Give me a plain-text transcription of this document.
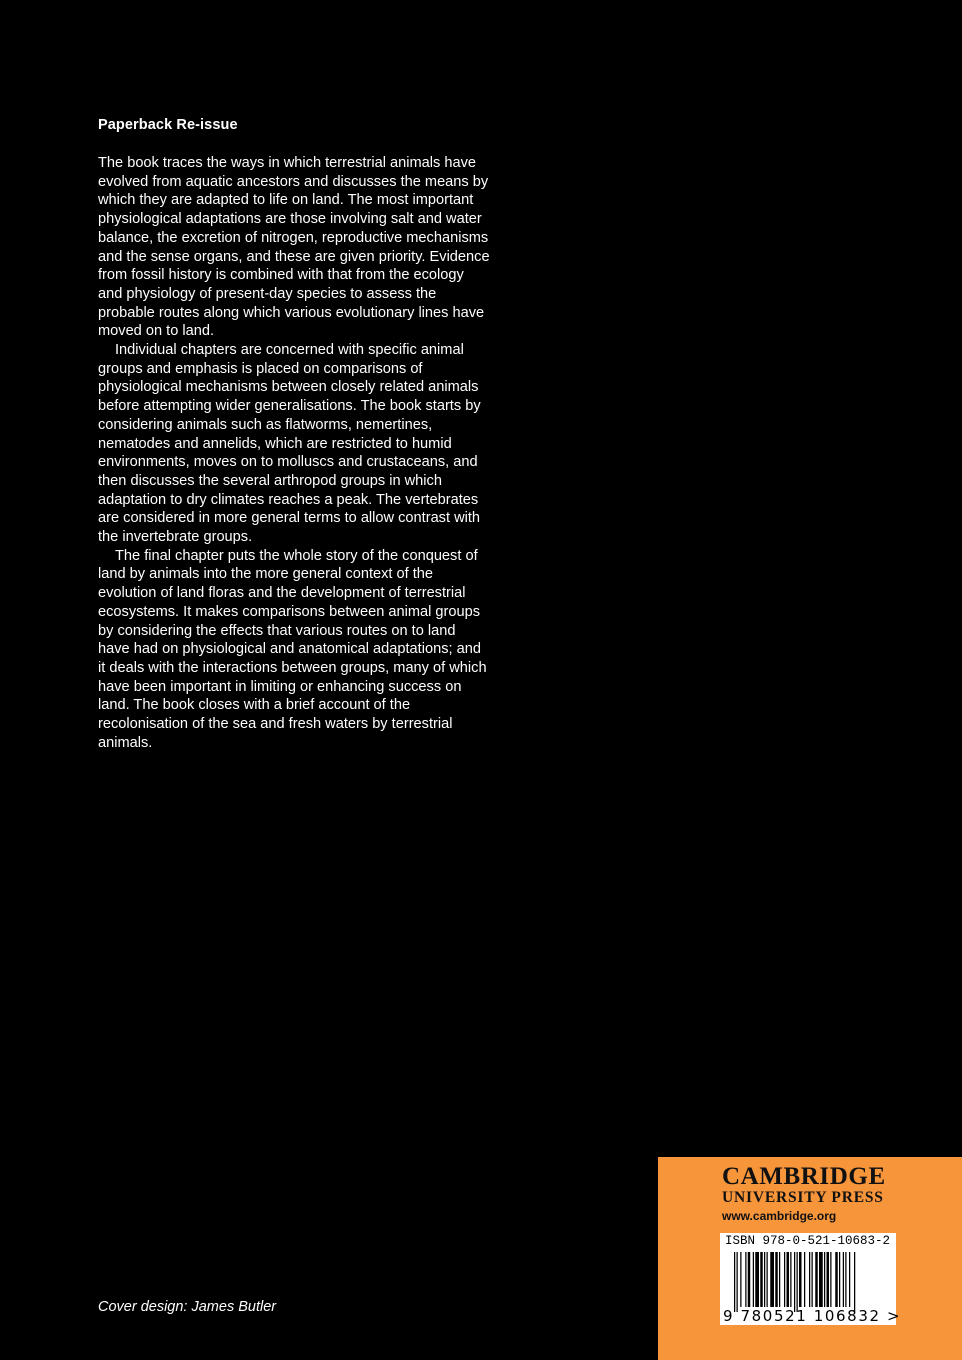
Paperback Re-issue

The book traces the ways in which terrestrial animals have evolved from aquatic ancestors and discusses the means by which they are adapted to life on land. The most important physiological adaptations are those involving salt and water balance, the excretion of nitrogen, reproductive mechanisms and the sense organs, and these are given priority. Evidence from fossil history is combined with that from the ecology and physiology of present-day species to assess the probable routes along which various evolutionary lines have moved on to land.

Individual chapters are concerned with specific animal groups and emphasis is placed on comparisons of physiological mechanisms between closely related animals before attempting wider generalisations. The book starts by considering animals such as flatworms, nemertines, nematodes and annelids, which are restricted to humid environments, moves on to molluscs and crustaceans, and then discusses the several arthropod groups in which adaptation to dry climates reaches a peak. The vertebrates are considered in more general terms to allow contrast with the invertebrate groups.

The final chapter puts the whole story of the conquest of land by animals into the more general context of the evolution of land floras and the development of terrestrial ecosystems. It makes comparisons between animal groups by considering the effects that various routes on to land have had on physiological and anatomical adaptations; and it deals with the interactions between groups, many of which have been important in limiting or enhancing success on land. The book closes with a brief account of the recolonisation of the sea and fresh waters by terrestrial animals.

Cover design: James Butler
CAMBRIDGE
UNIVERSITY PRESS
www.cambridge.org
ISBN 978-0-521-10683-2
9 780521 106832 >
